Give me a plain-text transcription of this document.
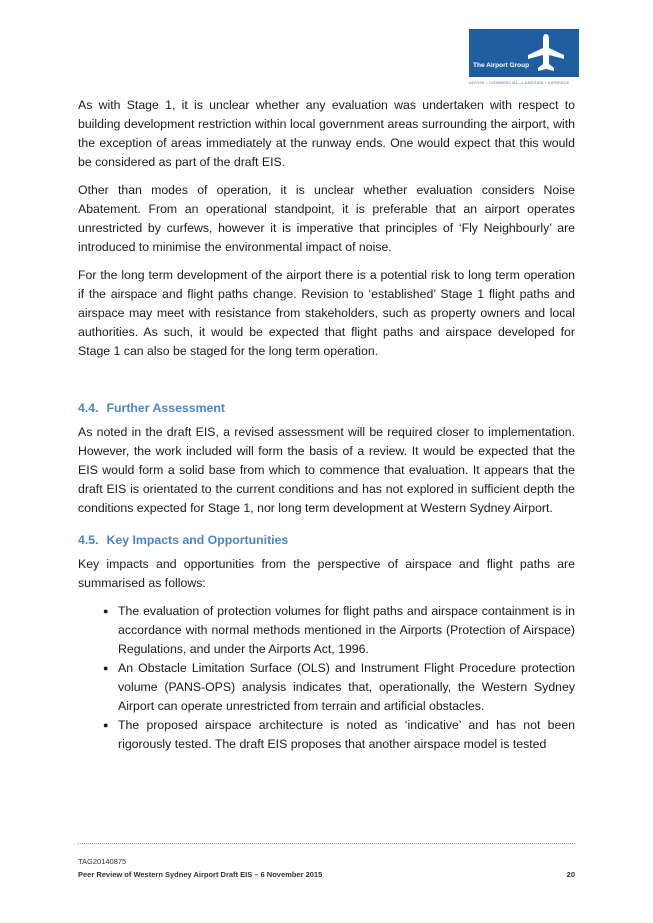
The Airport Group
ADVISE • COMMERCIAL • LANDSIDE • AIRSPACE

As with Stage 1, it is unclear whether any evaluation was undertaken with respect to building development restriction within local government areas surrounding the airport, with the exception of areas immediately at the runway ends. One would expect that this would be considered as part of the draft EIS.

Other than modes of operation, it is unclear whether evaluation considers Noise Abatement. From an operational standpoint, it is preferable that an airport operates unrestricted by curfews, however it is imperative that principles of ‘Fly Neighbourly’ are introduced to minimise the environmental impact of noise.

For the long term development of the airport there is a potential risk to long term operation if the airspace and flight paths change. Revision to ‘established’ Stage 1 flight paths and airspace may meet with resistance from stakeholders, such as property owners and local authorities. As such, it would be expected that flight paths and airspace developed for Stage 1 can also be staged for the long term operation.

4.4. Further Assessment

As noted in the draft EIS, a revised assessment will be required closer to implementation. However, the work included will form the basis of a review. It would be expected that the EIS would form a solid base from which to commence that evaluation. It appears that the draft EIS is orientated to the current conditions and has not explored in sufficient depth the conditions expected for Stage 1, nor long term development at Western Sydney Airport.

4.5. Key Impacts and Opportunities

Key impacts and opportunities from the perspective of airspace and flight paths are summarised as follows:

● The evaluation of protection volumes for flight paths and airspace containment is in accordance with normal methods mentioned in the Airports (Protection of Airspace) Regulations, and under the Airports Act, 1996.
● An Obstacle Limitation Surface (OLS) and Instrument Flight Procedure protection volume (PANS-OPS) analysis indicates that, operationally, the Western Sydney Airport can operate unrestricted from terrain and artificial obstacles.
● The proposed airspace architecture is noted as ‘indicative’ and has not been rigorously tested. The draft EIS proposes that another airspace model is tested
TAG20140875
Peer Review of Western Sydney Airport Draft EIS – 6 November 2015	20
